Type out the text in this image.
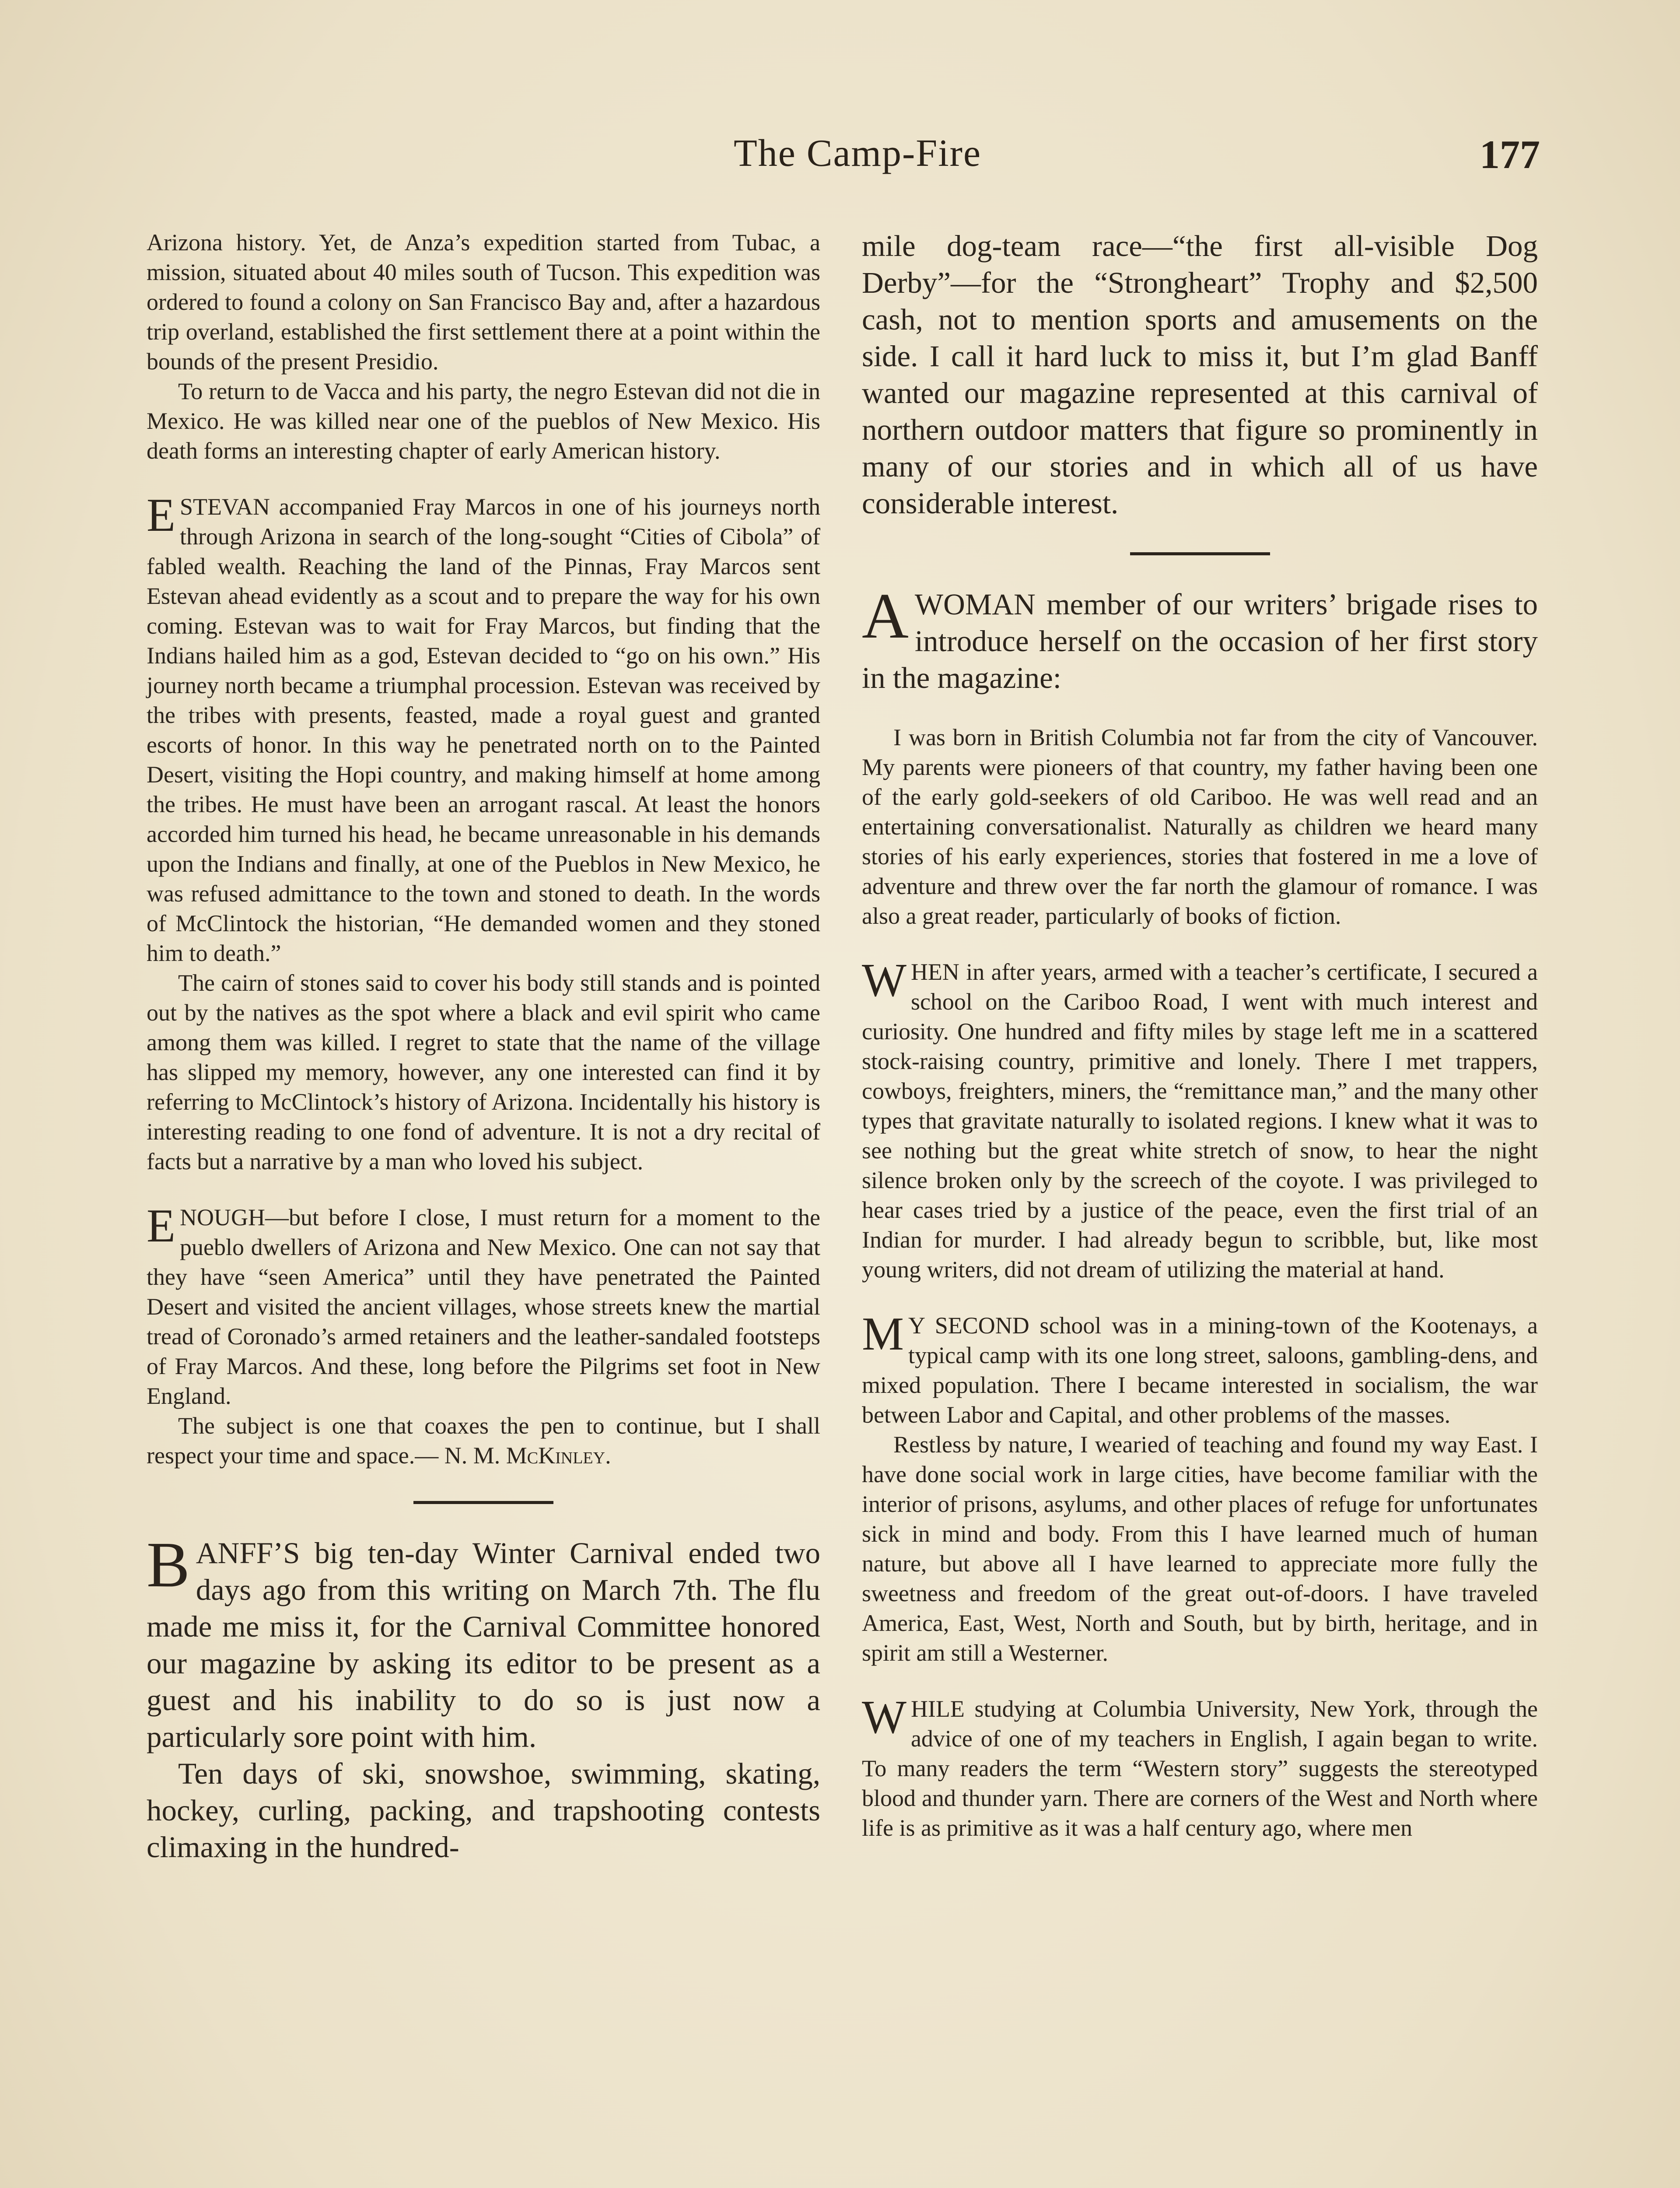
The Camp-Fire	177

Arizona history. Yet, de Anza’s expedition started from Tubac, a mission, situated about 40 miles south of Tucson. This expedition was ordered to found a colony on San Francisco Bay and, after a hazardous trip overland, established the first settlement there at a point within the bounds of the present Presidio.

To return to de Vacca and his party, the negro Estevan did not die in Mexico. He was killed near one of the pueblos of New Mexico. His death forms an interesting chapter of early American history.

ESTEVAN accompanied Fray Marcos in one of his journeys north through Arizona in search of the long-sought “Cities of Cibola” of fabled wealth. Reaching the land of the Pinnas, Fray Marcos sent Estevan ahead evidently as a scout and to prepare the way for his own coming. Estevan was to wait for Fray Marcos, but finding that the Indians hailed him as a god, Estevan decided to “go on his own.” His journey north became a triumphal procession. Estevan was received by the tribes with presents, feasted, made a royal guest and granted escorts of honor. In this way he penetrated north on to the Painted Desert, visiting the Hopi country, and making himself at home among the tribes. He must have been an arrogant rascal. At least the honors accorded him turned his head, he became unreasonable in his demands upon the Indians and finally, at one of the Pueblos in New Mexico, he was refused admittance to the town and stoned to death. In the words of McClintock the historian, “He demanded women and they stoned him to death.”

The cairn of stones said to cover his body still stands and is pointed out by the natives as the spot where a black and evil spirit who came among them was killed. I regret to state that the name of the village has slipped my memory, however, any one interested can find it by referring to McClintock’s history of Arizona. Incidentally his history is interesting reading to one fond of adventure. It is not a dry recital of facts but a narrative by a man who loved his subject.

ENOUGH—but before I close, I must return for a moment to the pueblo dwellers of Arizona and New Mexico. One can not say that they have “seen America” until they have penetrated the Painted Desert and visited the ancient villages, whose streets knew the martial tread of Coronado’s armed retainers and the leather-sandaled footsteps of Fray Marcos. And these, long before the Pilgrims set foot in New England.

The subject is one that coaxes the pen to continue, but I shall respect your time and space.— N. M. McKinley.

BANFF’S big ten-day Winter Carnival ended two days ago from this writing on March 7th. The flu made me miss it, for the Carnival Committee honored our magazine by asking its editor to be present as a guest and his inability to do so is just now a particularly sore point with him.

Ten days of ski, snowshoe, swimming, skating, hockey, curling, packing, and trapshooting contests climaxing in the hundred-

mile dog-team race—“the first all-visible Dog Derby”—for the “Strongheart” Trophy and $2,500 cash, not to mention sports and amusements on the side. I call it hard luck to miss it, but I’m glad Banff wanted our magazine represented at this carnival of northern outdoor matters that figure so prominently in many of our stories and in which all of us have considerable interest.

AWOMAN member of our writers’ brigade rises to introduce herself on the occasion of her first story in the magazine:

I was born in British Columbia not far from the city of Vancouver. My parents were pioneers of that country, my father having been one of the early gold-seekers of old Cariboo. He was well read and an entertaining conversationalist. Naturally as children we heard many stories of his early experiences, stories that fostered in me a love of adventure and threw over the far north the glamour of romance. I was also a great reader, particularly of books of fiction.

WHEN in after years, armed with a teacher’s certificate, I secured a school on the Cariboo Road, I went with much interest and curiosity. One hundred and fifty miles by stage left me in a scattered stock-raising country, primitive and lonely. There I met trappers, cowboys, freighters, miners, the “remittance man,” and the many other types that gravitate naturally to isolated regions. I knew what it was to see nothing but the great white stretch of snow, to hear the night silence broken only by the screech of the coyote. I was privileged to hear cases tried by a justice of the peace, even the first trial of an Indian for murder. I had already begun to scribble, but, like most young writers, did not dream of utilizing the material at hand.

M Y SECOND school was in a mining-town of the Kootenays, a typical camp with its one long street, saloons, gambling-dens, and mixed population. There I became interested in socialism, the war between Labor and Capital, and other problems of the masses.

Restless by nature, I wearied of teaching and found my way East. I have done social work in large cities, have become familiar with the interior of prisons, asylums, and other places of refuge for unfortunates sick in mind and body. From this I have learned much of human nature, but above all I have learned to appreciate more fully the sweetness and freedom of the great out-of-doors. I have traveled America, East, West, North and South, but by birth, heritage, and in spirit am still a Westerner.

WHILE studying at Columbia University, New York, through the advice of one of my teachers in English, I again began to write. To many readers the term “Western story” suggests the stereotyped blood and thunder yarn. There are corners of the West and North where life is as primitive as it was a half century ago, where men
